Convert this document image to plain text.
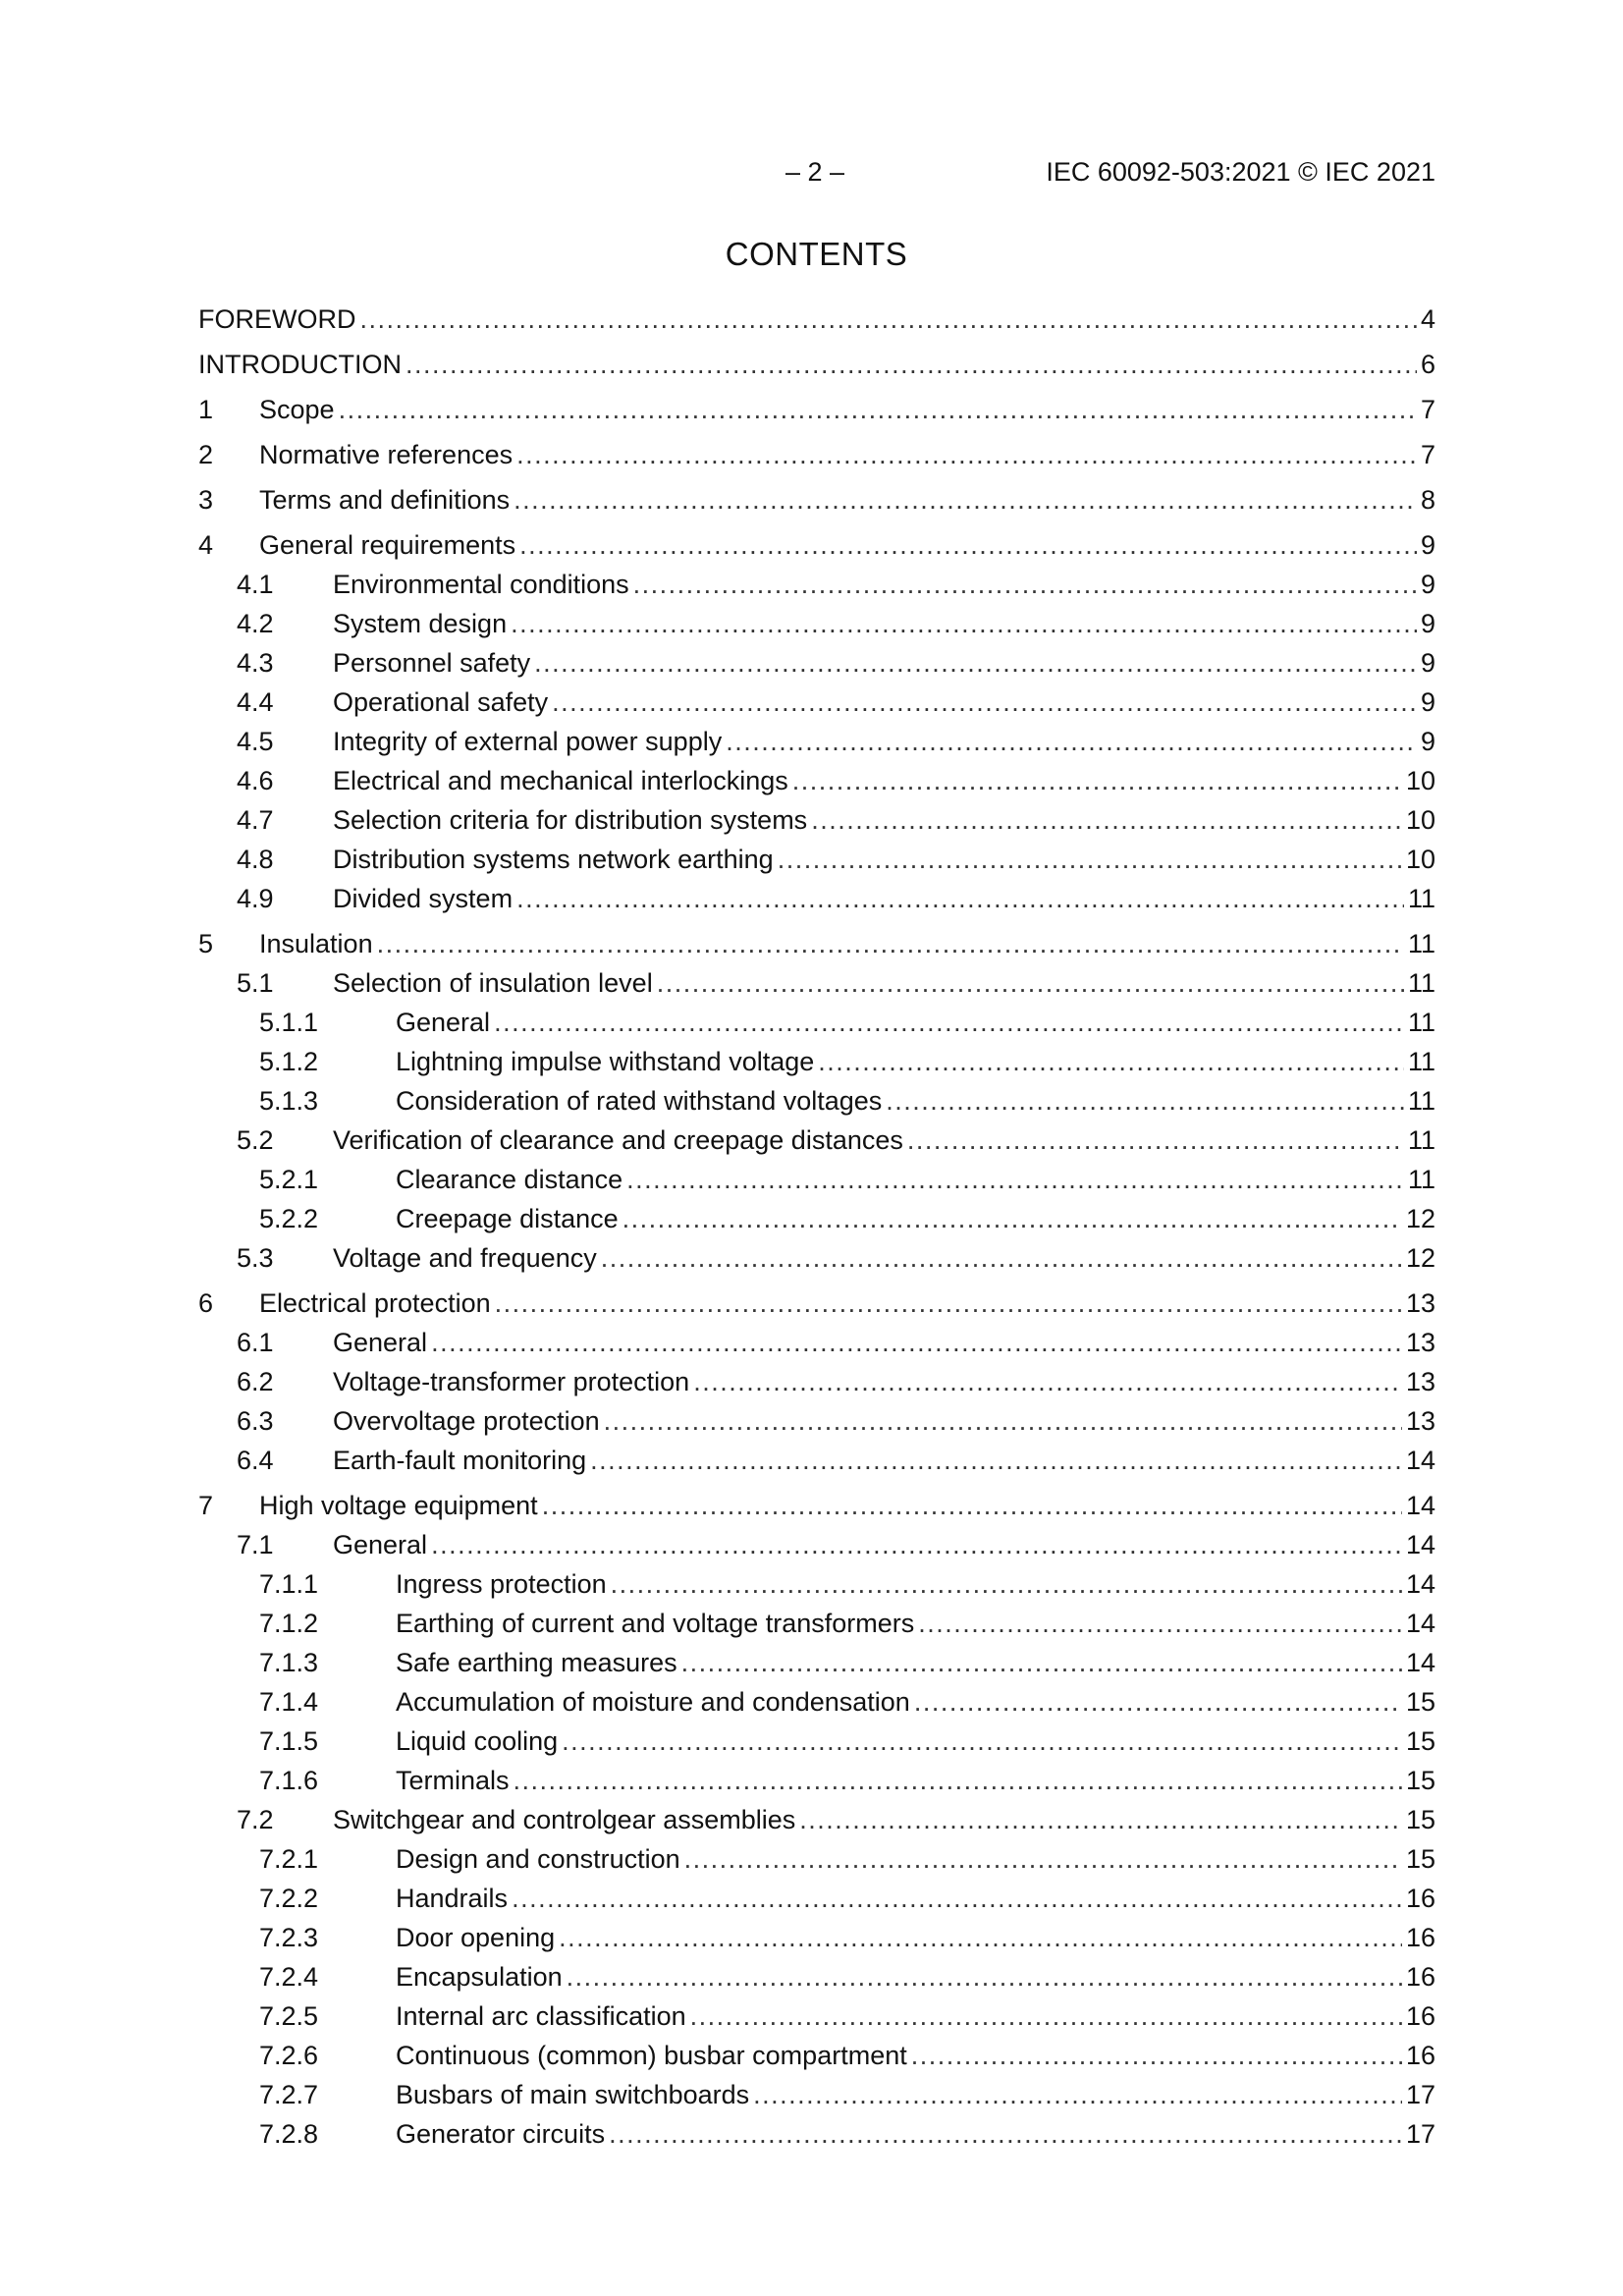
– 2 –	IEC 60092-503:2021 © IEC 2021
CONTENTS
FOREWORD .....	4
INTRODUCTION .....	6
1	Scope .....	7
2	Normative references .....	7
3	Terms and definitions .....	8
4	General requirements .....	9
4.1	Environmental conditions .....	9
4.2	System design .....	9
4.3	Personnel safety .....	9
4.4	Operational safety .....	9
4.5	Integrity of external power supply .....	9
4.6	Electrical and mechanical interlockings .....	10
4.7	Selection criteria for distribution systems .....	10
4.8	Distribution systems network earthing .....	10
4.9	Divided system .....	11
5	Insulation .....	11
5.1	Selection of insulation level .....	11
5.1.1	General .....	11
5.1.2	Lightning impulse withstand voltage .....	11
5.1.3	Consideration of rated withstand voltages .....	11
5.2	Verification of clearance and creepage distances .....	11
5.2.1	Clearance distance .....	11
5.2.2	Creepage distance .....	12
5.3	Voltage and frequency .....	12
6	Electrical protection .....	13
6.1	General .....	13
6.2	Voltage-transformer protection .....	13
6.3	Overvoltage protection .....	13
6.4	Earth-fault monitoring .....	14
7	High voltage equipment .....	14
7.1	General .....	14
7.1.1	Ingress protection .....	14
7.1.2	Earthing of current and voltage transformers .....	14
7.1.3	Safe earthing measures .....	14
7.1.4	Accumulation of moisture and condensation .....	15
7.1.5	Liquid cooling .....	15
7.1.6	Terminals .....	15
7.2	Switchgear and controlgear assemblies .....	15
7.2.1	Design and construction .....	15
7.2.2	Handrails .....	16
7.2.3	Door opening .....	16
7.2.4	Encapsulation .....	16
7.2.5	Internal arc classification .....	16
7.2.6	Continuous (common) busbar compartment .....	16
7.2.7	Busbars of main switchboards .....	17
7.2.8	Generator circuits .....	17
